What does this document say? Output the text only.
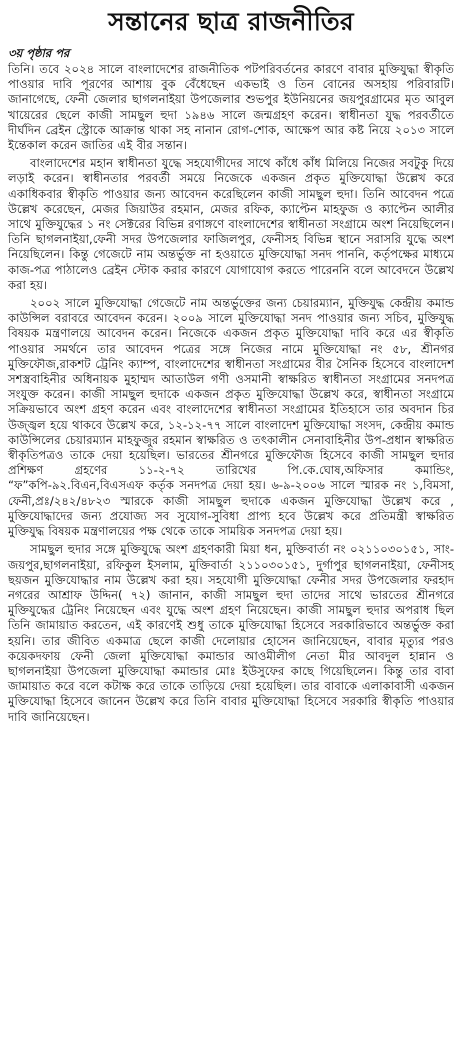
সন্তানের ছাত্র রাজনীতির
৩য় পৃষ্ঠার পর

তিনি। তবে ২০২৪ সালে বাংলাদেশের রাজনীতিক পটপরিবর্তনের কারণে বাবার মুক্তিযুদ্ধা স্বীকৃতি পাওয়ার দাবি পূরণের আশায় বুক বেঁধেছেন একভাই ও তিন বোনের অসহায় পরিবারটি। জানাগেছে, ফেনী জেলার ছাগলনাইয়া উপজেলার শুভপুর ইউনিয়নের জয়পুরগ্রামের মৃত আবুল খায়েরের ছেলে কাজী সামছুল হুদা ১৯৪৬ সালে জন্মগ্রহণ করেন। স্বাধীনতা যুদ্ধ পরবর্তীতে দীর্ঘদিন ব্রেইন স্ট্রোকে আক্রান্ত থাকা সহ নানান রোগ-শোক, আক্ষেপ আর কষ্ট নিয়ে ২০১৩ সালে ইন্তেকাল করেন জাতির এই বীর সন্তান।

বাংলাদেশের মহান স্বাধীনতা যুদ্ধে সহযোগীদের সাথে কাঁধে কাঁধ মিলিয়ে নিজের সবটুকু দিয়ে লড়াই করেন। স্বাধীনতার পরবর্তী সময়ে নিজেকে একজন প্রকৃত মুক্তিযোদ্ধা উল্লেখ করে একাধিকবার স্বীকৃতি পাওয়ার জন্য আবেদন করেছিলেন কাজী সামছুল হুদা। তিনি আবেদন পত্রে উল্লেখ করেছেন, মেজর জিয়াউর রহমান, মেজর রফিক, ক্যাপ্টেন মাহফুজ ও ক্যাপ্টেন আলীর সাথে মুক্তিযুদ্ধের ১ নং সেক্টরের বিভিন্ন রণাঙ্গণে বাংলাদেশের স্বাধীনতা সংগ্রামে অংশ নিয়েছিলেন। তিনি ছাগলনাইয়া,ফেনী সদর উপজেলার ফাজিলপুর, ফেনীসহ বিভিন্ন স্থানে সরাসরি যুদ্ধে অংশ নিয়েছিলেন। কিন্তু গেজেটে নাম অন্তর্ভুক্ত না হওয়াতে মুক্তিযোদ্ধা সনদ পাননি, কর্তৃপক্ষের মাধ্যমে কাজ-পত্র পাঠালেও ব্রেইন স্টোক করার কারণে যোগাযোগ করতে পারেননি বলে আবেদনে উল্লেখ করা হয়।

২০০২ সালে মুক্তিযোদ্ধা গেজেটে নাম অন্তর্ভুক্তের জন্য চেয়ারম্যান, মুক্তিযুদ্ধ কেন্দ্রীয় কমান্ড কাউন্সিল বরাবরে আবেদন করেন। ২০০৯ সালে মুক্তিযোদ্ধা সনদ পাওয়ার জন্য সচিব, মুক্তিযুদ্ধ বিষয়ক মন্ত্রণালয়ে আবেদন করেন। নিজেকে একজন প্রকৃত মুক্তিযোদ্ধা দাবি করে এর স্বীকৃতি পাওয়ার সমর্থনে তার আবেদন পত্রের সঙ্গে নিজের নামে মুক্তিযোদ্ধা নং ৫৮, শ্রীনগর মুক্তিফৌজ,রাকশট ট্রেনিং ক্যাম্প, বাংলাদেশের স্বাধীনতা সংগ্রামের বীর সৈনিক হিসেবে বাংলাদেশ সশস্ত্রবাহিনীর অধিনায়ক মুহাম্মদ আতাউল গণী ওসমানী স্বাক্ষরিত স্বাধীনতা সংগ্রামের সনদপত্র সংযুক্ত করেন। কাজী সামছুল হুদাকে একজন প্রকৃত মুক্তিযোদ্ধা উল্লেখ করে, স্বাধীনতা সংগ্রামে সক্রিয়ভাবে অংশ গ্রহণ করেন এবং বাংলাদেশের স্বাধীনতা সংগ্রামের ইতিহাসে তার অবদান চির উজ্জ্বল হয়ে থাকবে উল্লেখ করে, ১২-১২-৭৭ সালে বাংলাদেশ মুক্তিযোদ্ধা সংসদ, কেন্দ্রীয় কমান্ড কাউন্সিলের চেয়ারম্যান মাহফুজুর রহমান স্বাক্ষরিত ও তৎকালীন সেনাবাহিনীর উপ-প্রধান স্বাক্ষরিত স্বীকৃতিপত্রও তাকে দেয়া হয়েছিল। ভারতের শ্রীনগরে মুক্তিফৌজ হিসেবে কাজী সামছুল হুদার প্রশিক্ষণ গ্রহণের ১১-২-৭২ তারিখের পি.কে.ঘোষ,অফিসার কমান্ডিং, “ফ”কপি-৯২.বিএন,বিএসএফ কর্তৃক সনদপত্র দেয়া হয়। ৬-৯-২০০৬ সালে স্মারক নং ১,বিমসা, ফেনী,প্রঃ/২৪২/৪৮২৩ স্মারকে কাজী সামছুল হুদাকে একজন মুক্তিযোদ্ধা উল্লেখ করে , মুক্তিযোদ্ধাদের জন্য প্রযোজ্য সব সুযোগ-সুবিধা প্রাপ্য হবে উল্লেখ করে প্রতিমন্ত্রী স্বাক্ষরিত মুক্তিযুদ্ধ বিষয়ক মন্ত্রণালয়ের পক্ষ থেকে তাকে সাময়িক সনদপত্র দেয়া হয়।

সামছুল হুদার সঙ্গে মুক্তিযুদ্ধে অংশ গ্রহণকারী মিয়া ধন, মুক্তিবার্তা নং ০২১১০৩০১৫১, সাং-জয়পুর,ছাগলনাইয়া, রফিকুল ইসলাম, মুক্তিবার্তা ২১১০৩০১৫১, দুর্গাপুর ছাগলনাইয়া, ফেনীসহ ছয়জন মুক্তিযোদ্ধার নাম উল্লেখ করা হয়। সহযোগী মুক্তিযোদ্ধা ফেনীর সদর উপজেলার ফরহাদ নগরের আশ্রাফ উদ্দিন( ৭২) জানান, কাজী সামছুল হুদা তাদের সাথে ভারতের শ্রীনগরে মুক্তিযুদ্ধের ট্রেনিং নিয়েছেন এবং যুদ্ধে অংশ গ্রহণ নিয়েছেন। কাজী সামছুল হুদার অপরাধ ছিল তিনি জামায়াত করতেন, এই কারণেই শুধু তাকে মুক্তিযোদ্ধা হিসেবে সরকারিভাবে অন্তর্ভুক্ত করা হয়নি। তার জীবিত একমাত্র ছেলে কাজী দেলোয়ার হোসেন জানিয়েছেন, বাবার মৃত্যুর পরও কয়েকদফায় ফেনী জেলা মুক্তিযোদ্ধা কমান্ডার আওমীলীগ নেতা মীর আবদুল হান্নান ও ছাগলনাইয়া উপজেলা মুক্তিযোদ্ধা কমান্ডার মোঃ ইউসুফের কাছে গিয়েছিলেন। কিন্তু তার বাবা জামায়াত করে বলে কটাক্ষ করে তাকে তাড়িয়ে দেয়া হয়েছিল। তার বাবাকে এলাকাবাসী একজন মুক্তিযোদ্ধা হিসেবে জানেন উল্লেখ করে তিনি বাবার মুক্তিযোদ্ধা হিসেবে সরকারি স্বীকৃতি পাওয়ার দাবি জানিয়েছেন।
